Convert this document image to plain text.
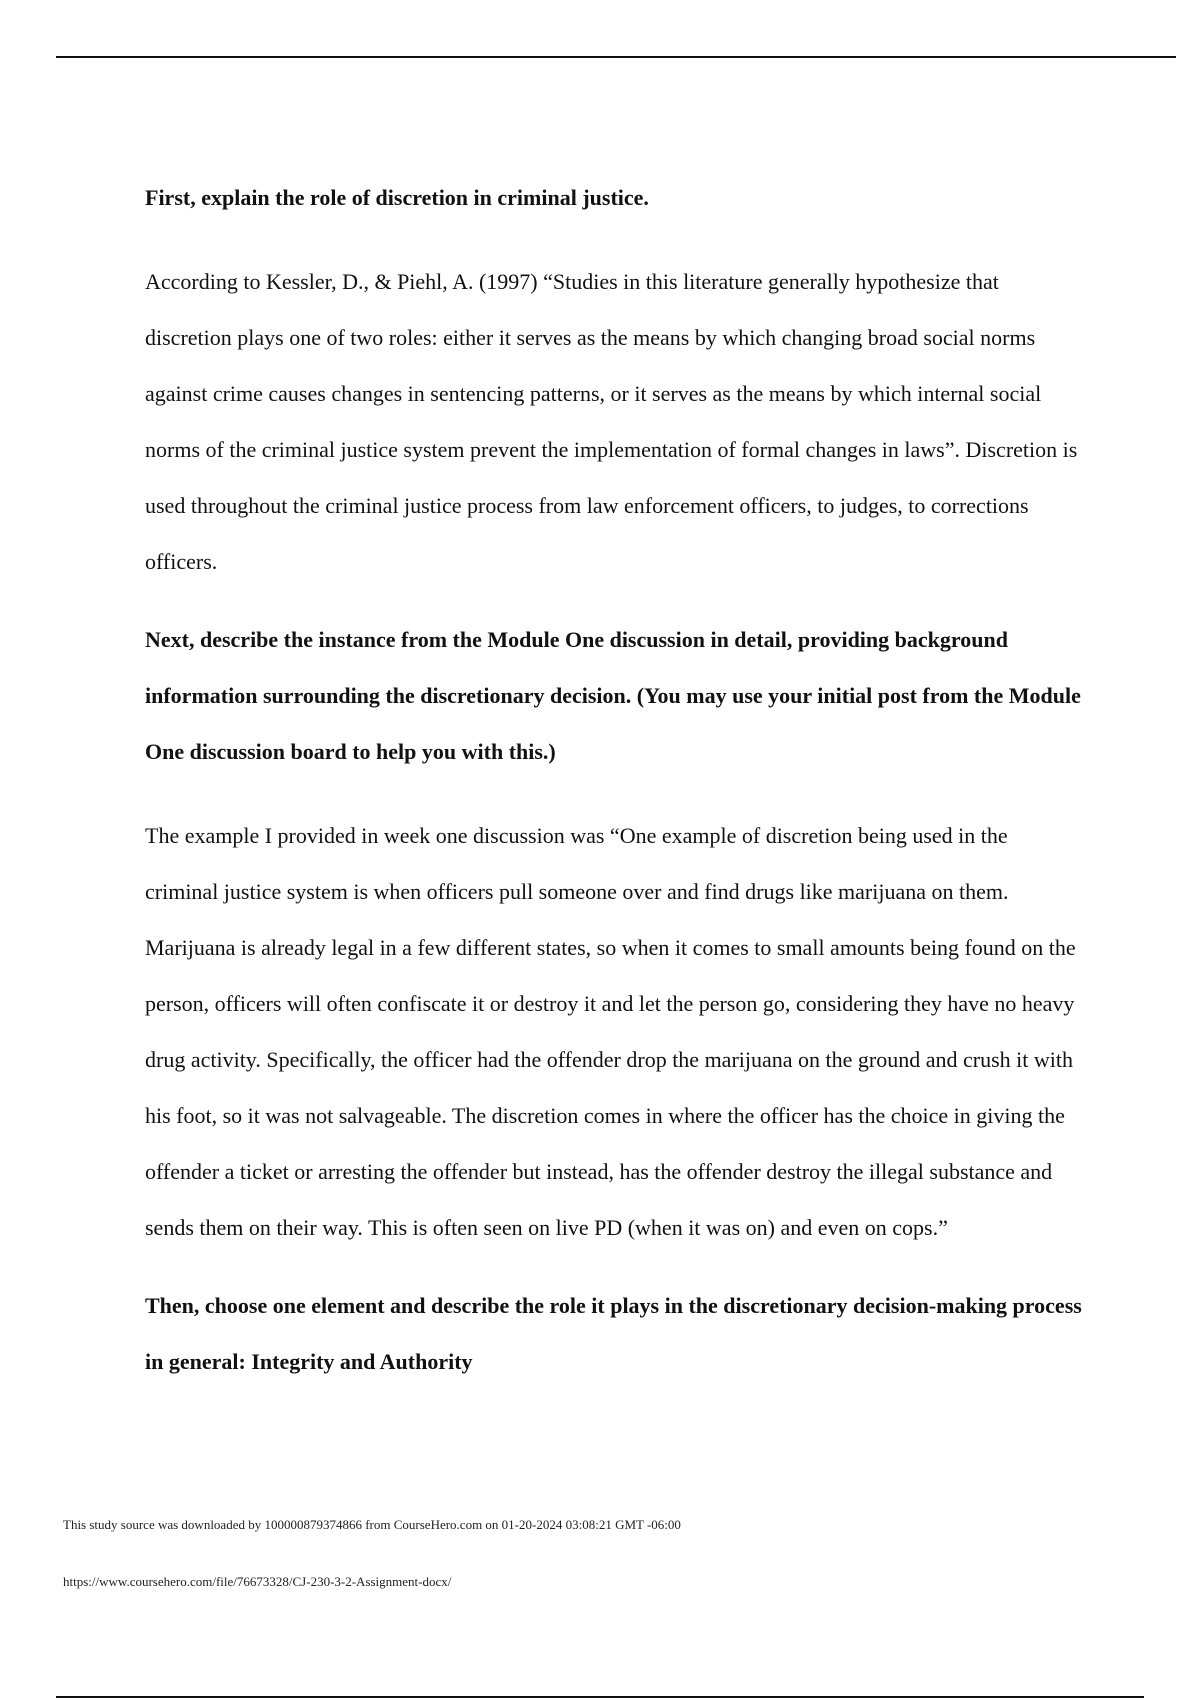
First, explain the role of discretion in criminal justice.

According to Kessler, D., & Piehl, A. (1997) “Studies in this literature generally hypothesize that discretion plays one of two roles: either it serves as the means by which changing broad social norms against crime causes changes in sentencing patterns, or it serves as the means by which internal social norms of the criminal justice system prevent the implementation of formal changes in laws”. Discretion is used throughout the criminal justice process from law enforcement officers, to judges, to corrections officers.

Next, describe the instance from the Module One discussion in detail, providing background information surrounding the discretionary decision. (You may use your initial post from the Module One discussion board to help you with this.)

The example I provided in week one discussion was “One example of discretion being used in the criminal justice system is when officers pull someone over and find drugs like marijuana on them. Marijuana is already legal in a few different states, so when it comes to small amounts being found on the person, officers will often confiscate it or destroy it and let the person go, considering they have no heavy drug activity. Specifically, the officer had the offender drop the marijuana on the ground and crush it with his foot, so it was not salvageable. The discretion comes in where the officer has the choice in giving the offender a ticket or arresting the offender but instead, has the offender destroy the illegal substance and sends them on their way. This is often seen on live PD (when it was on) and even on cops.”

Then, choose one element and describe the role it plays in the discretionary decision-making process in general: Integrity and Authority

This study source was downloaded by 100000879374866 from CourseHero.com on 01-20-2024 03:08:21 GMT -06:00
https://www.coursehero.com/file/76673328/CJ-230-3-2-Assignment-docx/
